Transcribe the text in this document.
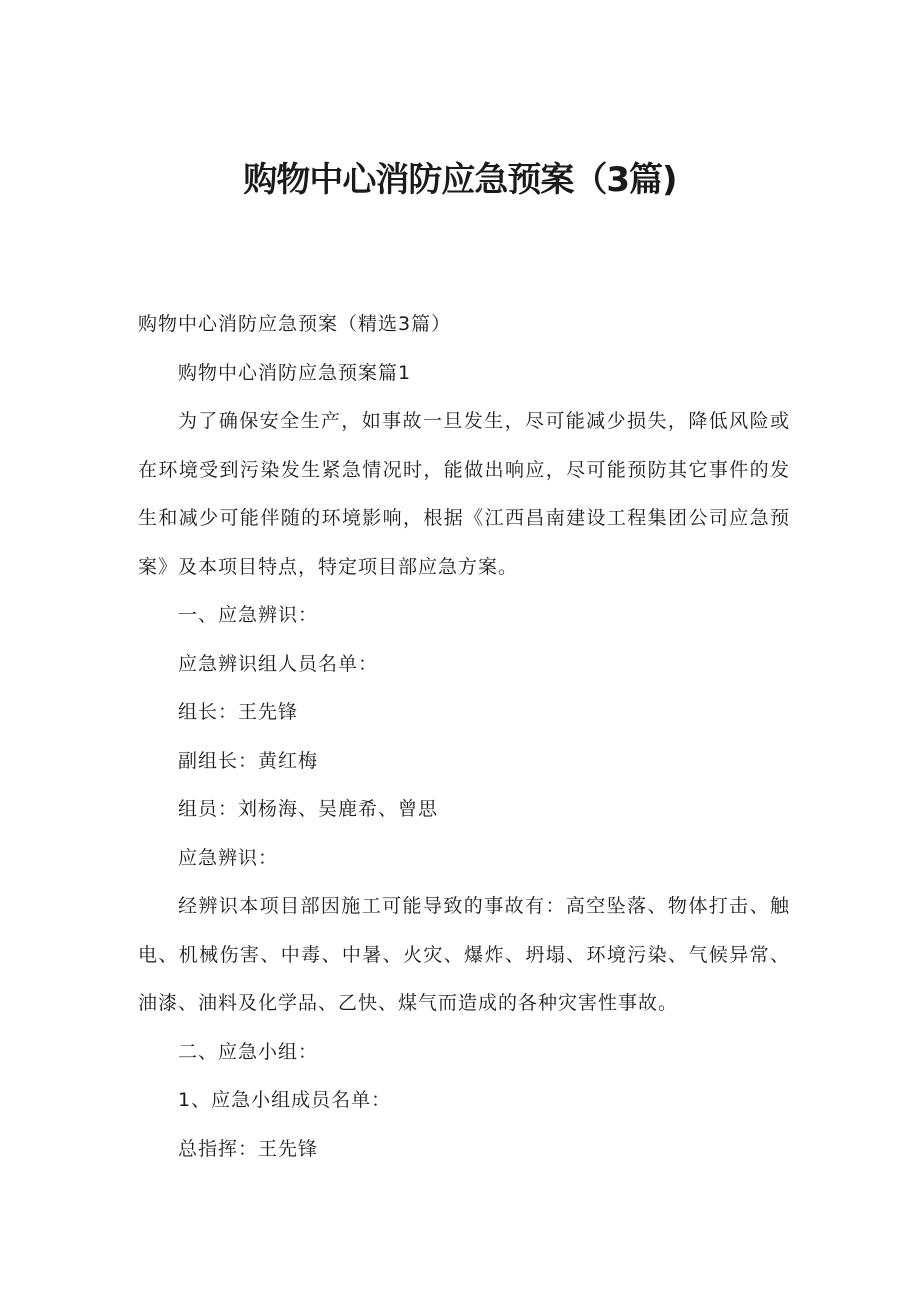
购物中心消防应急预案（3篇)

购物中心消防应急预案（精选3篇）

购物中心消防应急预案篇1

为了确保安全生产，如事故一旦发生，尽可能减少损失，降低风险或在环境受到污染发生紧急情况时，能做出响应，尽可能预防其它事件的发生和减少可能伴随的环境影响，根据《江西昌南建设工程集团公司应急预案》及本项目特点，特定项目部应急方案。

一、应急辨识：

应急辨识组人员名单：

组长：王先锋

副组长：黄红梅

组员：刘杨海、吴鹿希、曾思

应急辨识：

经辨识本项目部因施工可能导致的事故有：高空坠落、物体打击、触电、机械伤害、中毒、中暑、火灾、爆炸、坍塌、环境污染、气候异常、油漆、油料及化学品、乙快、煤气而造成的各种灾害性事故。

二、应急小组：

1、应急小组成员名单：

总指挥：王先锋
